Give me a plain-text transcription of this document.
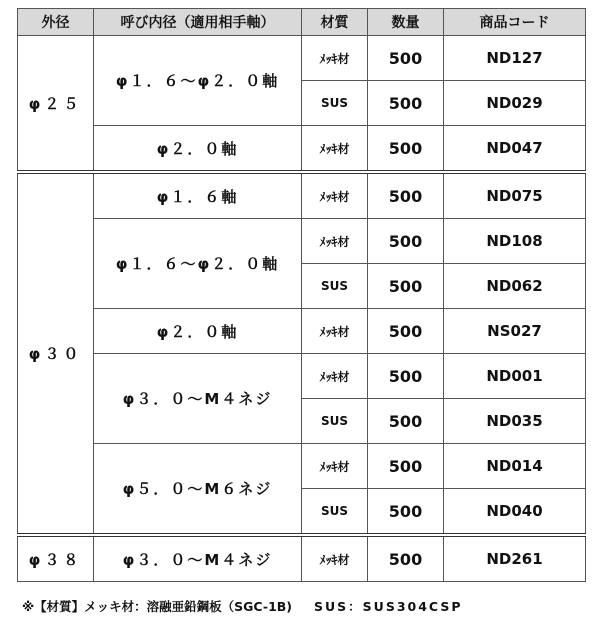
外径	呼び内径（適用相手軸）	材質	数量	商品コード
φ２５	φ１．６～φ２．０軸	ﾒｯｷ材	500	ND127
		SUS	500	ND029
	φ２．０軸	ﾒｯｷ材	500	ND047
φ３０	φ１．６軸	ﾒｯｷ材	500	ND075
	φ１．６～φ２．０軸	ﾒｯｷ材	500	ND108
		SUS	500	ND062
	φ２．０軸	ﾒｯｷ材	500	NS027
	φ３．０～M４ネジ	ﾒｯｷ材	500	ND001
		SUS	500	ND035
	φ５．０～M６ネジ	ﾒｯｷ材	500	ND014
		SUS	500	ND040
φ３８	φ３．０～M４ネジ	ﾒｯｷ材	500	ND261
※【材質】メッキ材：溶融亜鉛鋼板（SGC-1B) SUS：SUS304CSP
